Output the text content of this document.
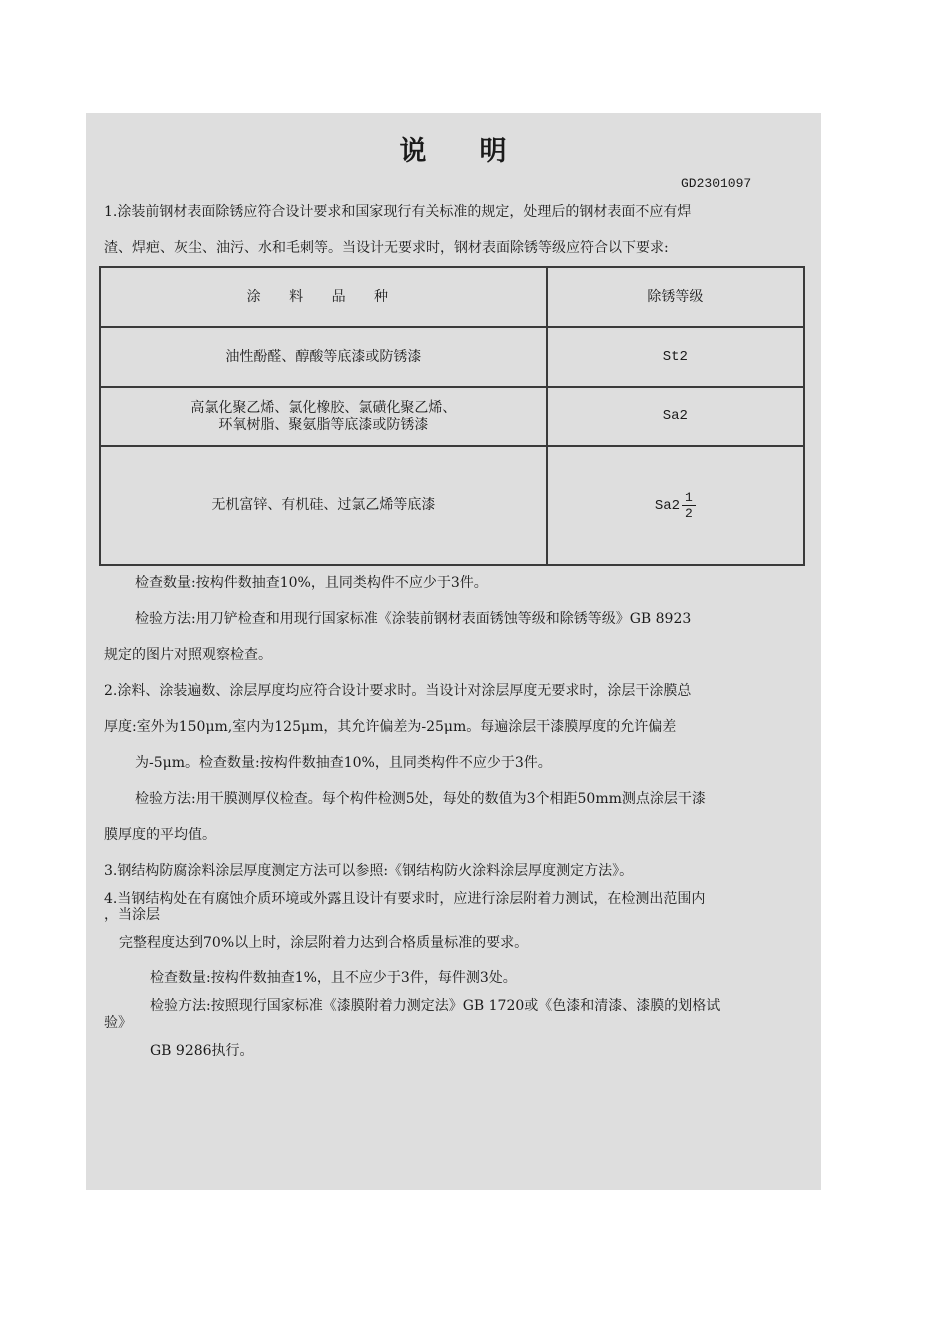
说 明
GD2301097
1.涂装前钢材表面除锈应符合设计要求和国家现行有关标准的规定，处理后的钢材表面不应有焊
渣、焊疤、灰尘、油污、水和毛刺等。当设计无要求时，钢材表面除锈等级应符合以下要求:
涂 料 品 种	除锈等级
油性酚醛、醇酸等底漆或防锈漆	St2

高氯化聚乙烯、氯化橡胶、氯磺化聚乙烯、
环氧树脂、聚氨脂等底漆或防锈漆	Sa2
无机富锌、有机硅、过氯乙烯等底漆	$Sa2 \frac{1}{2}$
检查数量:按构件数抽查10%，且同类构件不应少于3件。
检验方法:用刀铲检查和用现行国家标准《涂装前钢材表面锈蚀等级和除锈等级》GB 8923
规定的图片对照观察检查。
2.涂料、涂装遍数、涂层厚度均应符合设计要求时。当设计对涂层厚度无要求时，涂层干涂膜总
厚度:室外为150μm,室内为125μm，其允许偏差为-25μm。每遍涂层干漆膜厚度的允许偏差
为-5μm。检查数量:按构件数抽查10%，且同类构件不应少于3件。
检验方法:用干膜测厚仪检查。每个构件检测5处，每处的数值为3个相距50mm测点涂层干漆
膜厚度的平均值。
3.钢结构防腐涂料涂层厚度测定方法可以参照:《钢结构防火涂料涂层厚度测定方法》。
4.当钢结构处在有腐蚀介质环境或外露且设计有要求时，应进行涂层附着力测试，在检测出范围内
，当涂层
完整程度达到70%以上时，涂层附着力达到合格质量标准的要求。
检查数量:按构件数抽查1%，且不应少于3件，每件测3处。
检验方法:按照现行国家标准《漆膜附着力测定法》GB 1720或《色漆和清漆、漆膜的划格试
验》
GB 9286执行。
